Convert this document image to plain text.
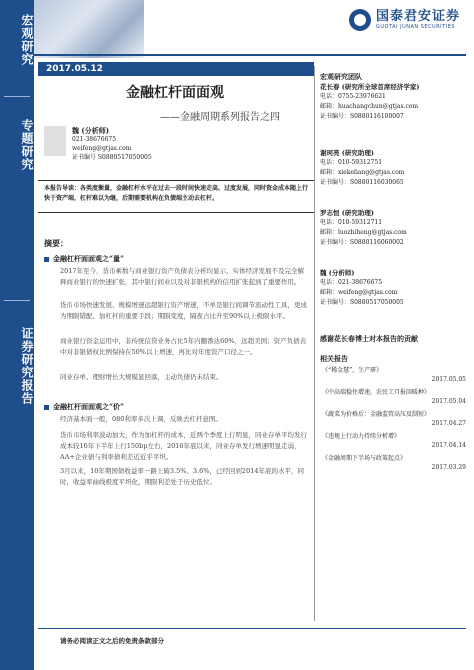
宏观研究
专题研究
证券研究报告
国泰君安证券
GUOTAI JUNAN SECURITIES
2017.05.12
金融杠杆面面观
——金融周期系列报告之四
魏 (分析师)
021-38676675
weifeng@gtjas.com
证书编号 S0880517050005
本报告导读：各类度衡量，金融杠杆水平在过去一段时间快速走高、过度发展，同时资金成本随上行快于资产端，杠杆难以为继，后期需要机构在负债端主动去杠杆。
摘要：
金融杠杆面面观之“量”
2017年至今，货币乘数与商业银行资产负债表分析均显示，实体经济发展不及完全解释商业银行的快速扩张，其中银行间业以及对非银机构的信用扩张起到了重要作用。
货币市场快速发展、规模增速远超银行资产增速，不单是银行间调节流动性工具，更成为期限错配、加杠杆的重要手段；期限变度，隔夜占比升至90%以上极限水平。
商业银行资金运用中，非传统信贷业务占比5年内翻番达60%，远超美国；资产负债表中对非银债权比例保持在50%以上增速，再比对年度资产口径之一。
同业存单、理财增长大规模显回落，主动负债仍未结束。
金融杠杆面面观之“价”
经济基本面一般，080利率多次上调，反映去杠杆意图。
货币市场利率波动加大，作为加杠杆的成本，近两个季度上行明显，同业存单平均发行成本较16年下半年上行150bp左右，2016年底以来，同业存单发行增速明显走弱，AA+企业债与利率债利差近近乎平坦。
3月以来，10年期国债收益率一路上破3.5%、3.6%，已经回到2014年底的水平，同时，收益率曲线极度平坦化，期限利差处于历史低位。
宏观研究团队
花长春 (研究所全球首席经济学家)
电话：0755-23976621
邮箱：huachangchun@gtjas.com
证书编号：S0880116100007
谢珂亮 (研究助理)
电话：010-59312751
邮箱：xiekeliang@gtjas.com
证书编号：S0880116030065
罗志恒 (研究助理)
电话：010-59312711
邮箱：luozhiheng@gtjas.com
证书编号：S0880116060002
魏 (分析师)
电话：021-38676675
邮箱：weifeng@gtjas.com
证书编号：S0880517050005
感谢花长春博士对本报告的贡献
相关报告
《“稀金慧”，生产研》
2017.05.05
《中高端稳住增速，农民工月报回暖种》
2017.05.04
《蔬菜为价格后：金融监管高压反制短》
2017.04.27
《违规上行动力持续分析增》
2017.04.14
《金融周期下半场与政策起点》
2017.03.29
请务必阅读正文之后的免责条款部分
